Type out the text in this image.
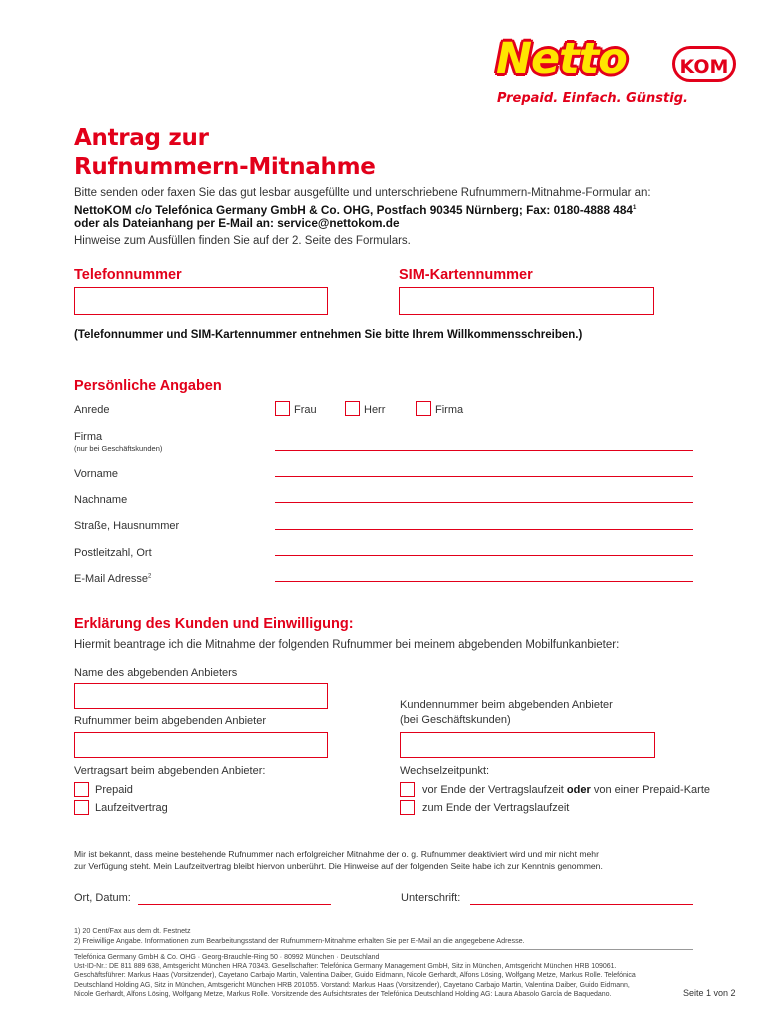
Netto	KOM
Prepaid. Einfach. Günstig.
Antrag zur
Rufnummern-Mitnahme
Bitte senden oder faxen Sie das gut lesbar ausgefüllte und unterschriebene Rufnummern-Mitnahme-Formular an:
NettoKOM c/o Telefónica Germany GmbH & Co. OHG, Postfach 90345 Nürnberg; Fax: 0180-4888 $484^1$
oder als Dateianhang per E-Mail an: service@nettokom.de
Hinweise zum Ausfüllen finden Sie auf der 2. Seite des Formulars.
Telefonnummer	SIM-Kartennummer
(Telefonnummer und SIM-Kartennummer entnehmen Sie bitte Ihrem Willkommensschreiben.)
Persönliche Angaben
Anrede	Frau	Herr	Firma
Firma
(nur bei Geschäftskunden)
Vorname
Nachname
Straße, Hausnummer
Postleitzahl, Ort
E-Mail Adresse$^2$
Erklärung des Kunden und Einwilligung:
Hiermit beantrage ich die Mitnahme der folgenden Rufnummer bei meinem abgebenden Mobilfunkanbieter:
Name des abgebenden Anbieters
Rufnummer beim abgebenden Anbieter
Kundennummer beim abgebenden Anbieter
(bei Geschäftskunden)
Vertragsart beim abgebenden Anbieter:
Prepaid
Laufzeitvertrag
Wechselzeitpunkt:
vor Ende der Vertragslaufzeit oder von einer Prepaid-Karte
zum Ende der Vertragslaufzeit
Mir ist bekannt, dass meine bestehende Rufnummer nach erfolgreicher Mitnahme der o. g. Rufnummer deaktiviert wird und mir nicht mehr
zur Verfügung steht. Mein Laufzeitvertrag bleibt hiervon unberührt. Die Hinweise auf der folgenden Seite habe ich zur Kenntnis genommen.
Ort, Datum:	Unterschrift:
1) 20 Cent/Fax aus dem dt. Festnetz
2) Freiwillige Angabe. Informationen zum Bearbeitungsstand der Rufnummern-Mitnahme erhalten Sie per E-Mail an die angegebene Adresse.
Telefónica Germany GmbH & Co. OHG · Georg-Brauchle-Ring 50 · 80992 München · Deutschland
Ust-ID-Nr.: DE 811 889 638, Amtsgericht München HRA 70343. Gesellschafter: Telefónica Germany Management GmbH, Sitz in München, Amtsgericht München HRB 109061.
Geschäftsführer: Markus Haas (Vorsitzender), Cayetano Carbajo Martin, Valentina Daiber, Guido Eidmann, Nicole Gerhardt, Alfons Lösing, Wolfgang Metze, Markus Rolle. Telefónica
Deutschland Holding AG, Sitz in München, Amtsgericht München HRB 201055. Vorstand: Markus Haas (Vorsitzender), Cayetano Carbajo Martin, Valentina Daiber, Guido Eidmann,
Nicole Gerhardt, Alfons Lösing, Wolfgang Metze, Markus Rolle. Vorsitzende des Aufsichtsrates der Telefónica Deutschland Holding AG: Laura Abasolo García de Baquedano.	Seite 1 von 2
